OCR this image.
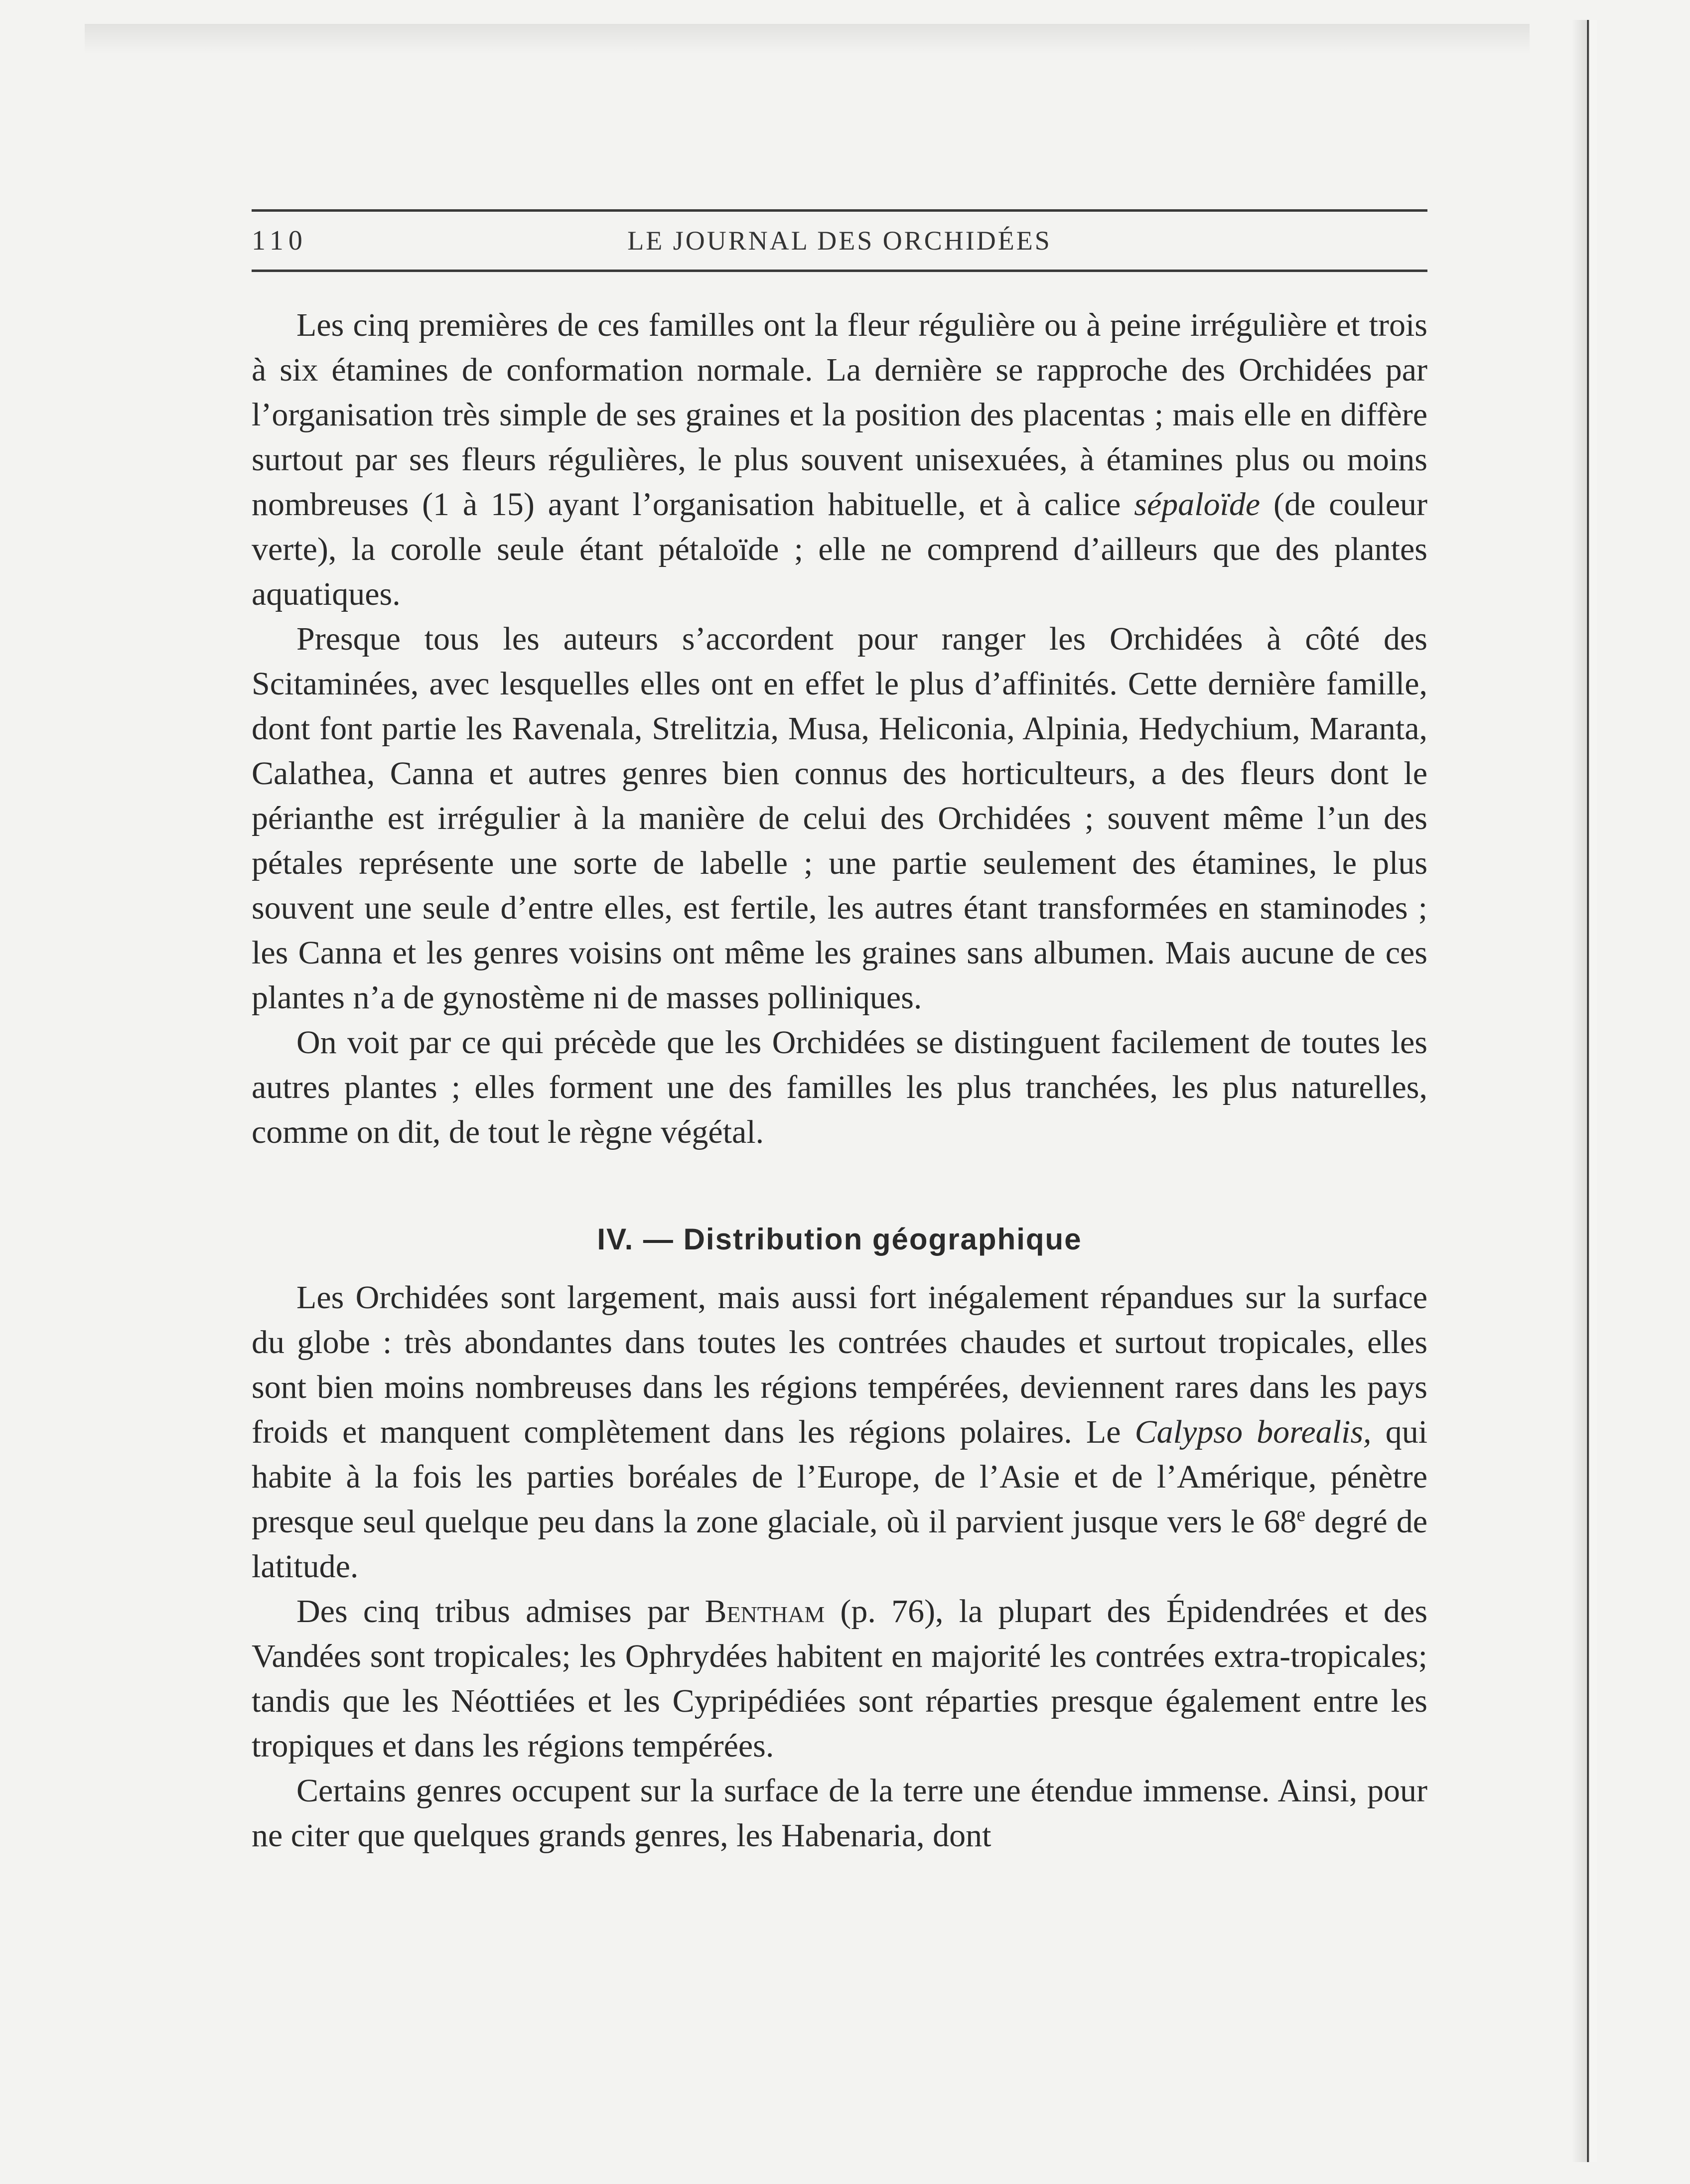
110	LE JOURNAL DES ORCHIDÉES

Les cinq premières de ces familles ont la fleur régulière ou à peine irrégulière et trois à six étamines de conformation normale. La dernière se rapproche des Orchidées par l’organisation très simple de ses graines et la position des placentas ; mais elle en diffère surtout par ses fleurs régulières, le plus souvent unisexuées, à étamines plus ou moins nombreuses (1 à 15) ayant l’organisation habituelle, et à calice sépaloïde (de couleur verte), la corolle seule étant pétaloïde ; elle ne comprend d’ailleurs que des plantes aquatiques.

Presque tous les auteurs s’accordent pour ranger les Orchidées à côté des Scitaminées, avec lesquelles elles ont en effet le plus d’affinités. Cette dernière famille, dont font partie les Ravenala, Strelitzia, Musa, Heliconia, Alpinia, Hedychium, Maranta, Calathea, Canna et autres genres bien connus des horticulteurs, a des fleurs dont le périanthe est irrégulier à la manière de celui des Orchidées ; souvent même l’un des pétales représente une sorte de labelle ; une partie seulement des étamines, le plus souvent une seule d’entre elles, est fertile, les autres étant transformées en staminodes ; les Canna et les genres voisins ont même les graines sans albumen. Mais aucune de ces plantes n’a de gynostème ni de masses polliniques.

On voit par ce qui précède que les Orchidées se distinguent facilement de toutes les autres plantes ; elles forment une des familles les plus tranchées, les plus naturelles, comme on dit, de tout le règne végétal.

IV. — Distribution géographique

Les Orchidées sont largement, mais aussi fort inégalement répandues sur la surface du globe : très abondantes dans toutes les contrées chaudes et surtout tropicales, elles sont bien moins nombreuses dans les régions tempérées, deviennent rares dans les pays froids et manquent complètement dans les régions polaires. Le Calypso borealis, qui habite à la fois les parties boréales de l’Europe, de l’Asie et de l’Amérique, pénètre presque seul quelque peu dans la zone glaciale, où il parvient jusque vers le 68e degré de latitude.

Des cinq tribus admises par Bentham (p. 76), la plupart des Épidendrées et des Vandées sont tropicales; les Ophrydées habitent en majorité les contrées extra-tropicales; tandis que les Néottiées et les Cypripédiées sont réparties presque également entre les tropiques et dans les régions tempérées.

Certains genres occupent sur la surface de la terre une étendue immense. Ainsi, pour ne citer que quelques grands genres, les Habenaria, dont
